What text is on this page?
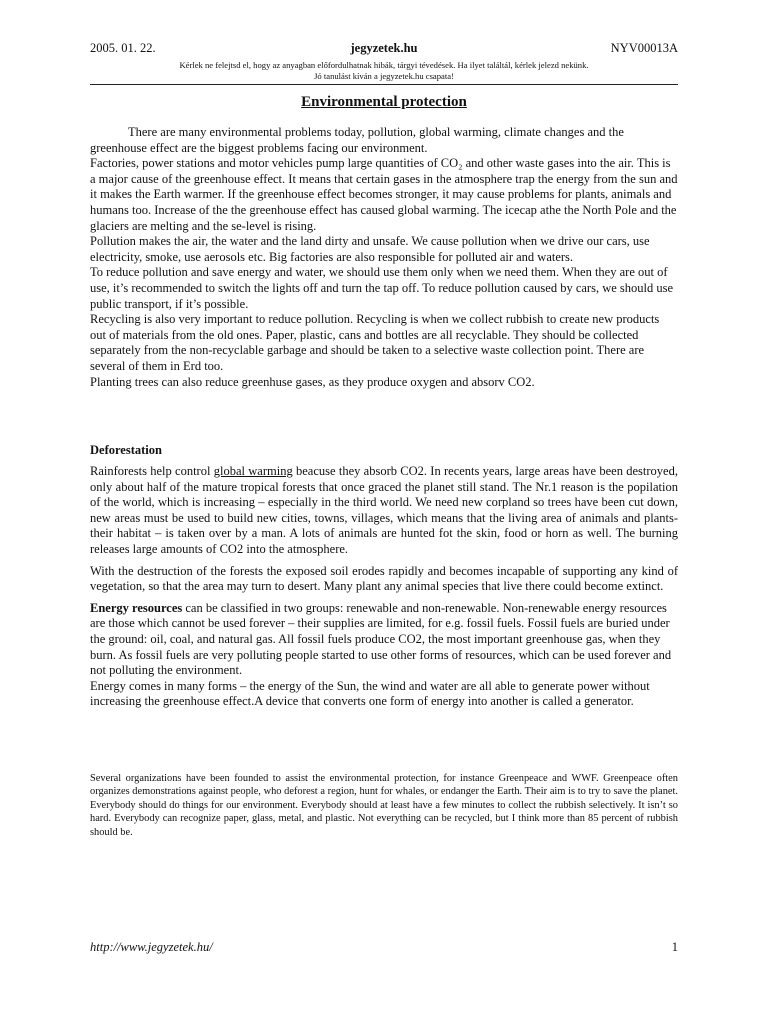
2005. 01. 22.	jegyzetek.hu	NYV00013A
Kérlek ne felejtsd el, hogy az anyagban előfordulhatnak hibák, tárgyi tévedések. Ha ilyet találtál, kérlek jelezd nekünk.
Jó tanulást kíván a jegyzetek.hu csapata!
Environmental protection

There are many environmental problems today, pollution, global warming, climate changes and the greenhouse effect are the biggest problems facing our environment.

Factories, power stations and motor vehicles pump large quantities of CO₂ and other waste gases into the air. This is a major cause of the greenhouse effect. It means that certain gases in the atmosphere trap the energy from the sun and it makes the Earth warmer. If the greenhouse effect becomes stronger, it may cause problems for plants, animals and humans too. Increase of the the greenhouse effect has caused global warming. The icecap athe the North Pole and the glaciers are melting and the se-level is rising.

Pollution makes the air, the water and the land dirty and unsafe. We cause pollution when we drive our cars, use electricity, smoke, use aerosols etc. Big factories are also responsible for polluted air and waters.

To reduce pollution and save energy and water, we should use them only when we need them. When they are out of use, it’s recommended to switch the lights off and turn the tap off. To reduce pollution caused by cars, we should use public transport, if it’s possible.

Recycling is also very important to reduce pollution. Recycling is when we collect rubbish to create new products out of materials from the old ones. Paper, plastic, cans and bottles are all recyclable. They should be collected separately from the non-recyclable garbage and should be taken to a selective waste collection point. There are several of them in Erd too.

Planting trees can also reduce greenhuse gases, as they produce oxygen and absorv CO2.

Deforestation

Rainforests help control global warming beacuse they absorb CO2. In recents years, large areas have been destroyed, only about half of the mature tropical forests that once graced the planet still stand. The Nr.1 reason is the popilation of the world, which is increasing – especially in the third world. We need new corpland so trees have been cut down, new areas must be used to build new cities, towns, villages, which means that the living area of animals and plants- their habitat – is taken over by a man. A lots of animals are hunted fot the skin, food or horn as well. The burning releases large amounts of CO2 into the atmosphere.

With the destruction of the forests the exposed soil erodes rapidly and becomes incapable of supporting any kind of vegetation, so that the area may turn to desert. Many plant any animal species that live there could become extinct.

Energy resources can be classified in two groups: renewable and non-renewable. Non-renewable energy resources are those which cannot be used forever – their supplies are limited, for e.g. fossil fuels. Fossil fuels are buried under the ground: oil, coal, and natural gas. All fossil fuels produce CO2, the most important greenhouse gas, when they burn. As fossil fuels are very polluting people started to use other forms of resources, which can be used forever and not polluting the environment.

Energy comes in many forms – the energy of the Sun, the wind and water are all able to generate power without increasing the greenhouse effect.A device that converts one form of energy into another is called a generator.

Several organizations have been founded to assist the environmental protection, for instance Greenpeace and WWF. Greenpeace often organizes demonstrations against people, who deforest a region, hunt for whales, or endanger the Earth. Their aim is to try to save the planet. Everybody should do things for our environment. Everybody should at least have a few minutes to collect the rubbish selectively. It isn’t so hard. Everybody can recognize paper, glass, metal, and plastic. Not everything can be recycled, but I think more than 85 percent of rubbish should be.
http://www.jegyzetek.hu/	1
